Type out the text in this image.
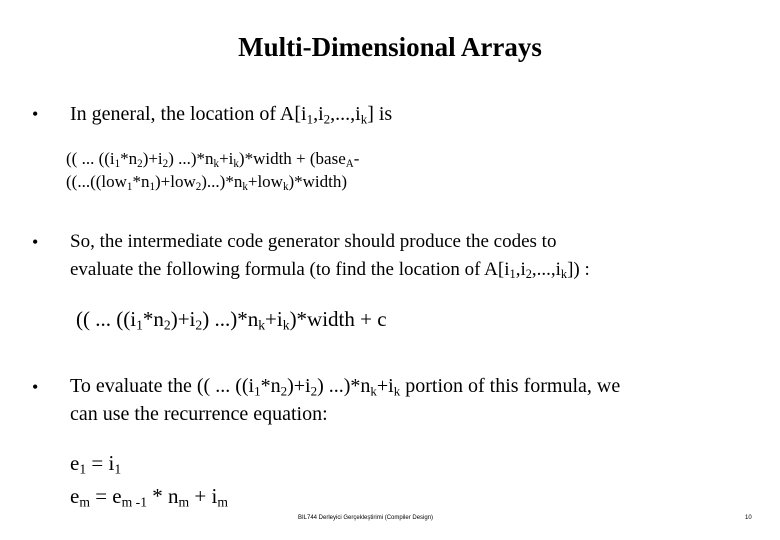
Multi-Dimensional Arrays
• In general, the location of $A[i_1,i_2,...,i_k]$ is
(( ... $((i_1*n_2)+i_2)$ $...)*n_k+i_k)*width$ + (base$_A$-
$((...((low_1*n_1)+low_2)...)*n_k+low_k)*width$)
• So, the intermediate code generator should produce the codes to
evaluate the following formula (to find the location of $A[i_1,i_2,...,i_k]$) :
(( ... $((i_1*n_2)+i_2)$ $...)*n_k+i_k)*width + c$
• To evaluate the (( ... $((i_1*n_2)+i_2)$ $...)*n_k+i_k$ portion of this formula, we
can use the recurrence equation:
$e_1 = i_1$
$e_m = e_{m -1} * n_m + i_m$
BIL744 Derleyici Gerçekleştirimi (Compiler Design)	10
